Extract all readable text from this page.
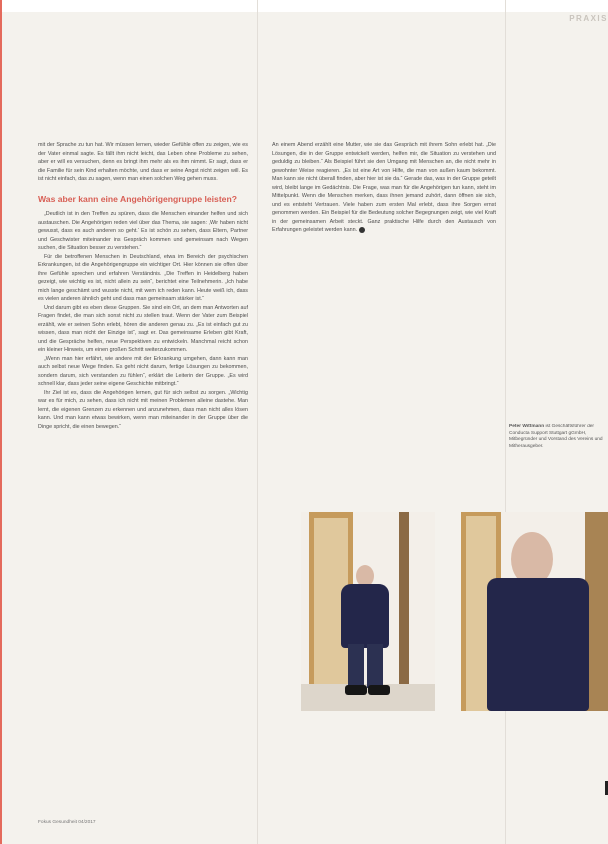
PRAXIS

mit der Sprache zu tun hat. Wir müssen lernen, wieder Gefühle offen zu zeigen, wie es der Vater einmal sagte. Es fällt ihm nicht leicht, das Leben ohne Probleme zu sehen, aber er will es versuchen, denn es bringt ihm mehr als es ihm nimmt. Er sagt, dass er die Familie für sein Kind erhalten möchte, und dass er seine Angst nicht zeigen will. Es ist nicht einfach, das zu sagen, wenn man einen solchen Weg gehen muss.

Was aber kann eine Angehörigengruppe leisten?

„Deutlich ist in den Treffen zu spüren, dass die Menschen einander helfen und sich austauschen. Die Angehörigen reden viel über das Thema, sie sagen: ‚Wir haben nicht gewusst, dass es auch anderen so geht.‘ Es ist schön zu sehen, dass Eltern, Partner und Geschwister miteinander ins Gespräch kommen und gemeinsam nach Wegen suchen, die Situation besser zu verstehen.“

Für die betroffenen Menschen in Deutschland, etwa im Bereich der psychischen Erkrankungen, ist die Angehörigengruppe ein wichtiger Ort. Hier können sie offen über ihre Gefühle sprechen und erfahren Verständnis. „Die Treffen in Heidelberg haben gezeigt, wie wichtig es ist, nicht allein zu sein“, berichtet eine Teilnehmerin. „Ich habe mich lange geschämt und wusste nicht, mit wem ich reden kann. Heute weiß ich, dass es vielen anderen ähnlich geht und dass man gemeinsam stärker ist.“

Und darum gibt es eben diese Gruppen. Sie sind ein Ort, an dem man Antworten auf Fragen findet, die man sich sonst nicht zu stellen traut. Wenn der Vater zum Beispiel erzählt, wie er seinen Sohn erlebt, hören die anderen genau zu. „Es ist einfach gut zu wissen, dass man nicht der Einzige ist“, sagt er. Das gemeinsame Erleben gibt Kraft, und die Gespräche helfen, neue Perspektiven zu entwickeln. Manchmal reicht schon ein kleiner Hinweis, um einen großen Schritt weiterzukommen.

„Wenn man hier erfährt, wie andere mit der Erkrankung umgehen, dann kann man auch selbst neue Wege finden. Es geht nicht darum, fertige Lösungen zu bekommen, sondern darum, sich verstanden zu fühlen“, erklärt die Leiterin der Gruppe. „Es wird schnell klar, dass jeder seine eigene Geschichte mitbringt.“

Ihr Ziel ist es, dass die Angehörigen lernen, gut für sich selbst zu sorgen. „Wichtig war es für mich, zu sehen, dass ich nicht mit meinen Problemen alleine dastehe. Man lernt, die eigenen Grenzen zu erkennen und anzunehmen, dass man nicht alles lösen kann. Und man kann etwas bewirken, wenn man miteinander in der Gruppe über die Dinge spricht, die einen bewegen.“

An einem Abend erzählt eine Mutter, wie sie das Gespräch mit ihrem Sohn erlebt hat. „Die Lösungen, die in der Gruppe entwickelt werden, helfen mir, die Situation zu verstehen und geduldig zu bleiben.“ Als Beispiel führt sie den Umgang mit Menschen an, die nicht mehr in gewohnter Weise reagieren. „Es ist eine Art von Hilfe, die man von außen kaum bekommt. Man kann sie nicht überall finden, aber hier ist sie da.“ Gerade das, was in der Gruppe geteilt wird, bleibt lange im Gedächtnis. Die Frage, was man für die Angehörigen tun kann, steht im Mittelpunkt. Wenn die Menschen merken, dass ihnen jemand zuhört, dann öffnen sie sich, und es entsteht Vertrauen. Viele haben zum ersten Mal erlebt, dass ihre Sorgen ernst genommen werden. Ein Beispiel für die Bedeutung solcher Begegnungen zeigt, wie viel Kraft in der gemeinsamen Arbeit steckt. Ganz praktische Hilfe durch den Austausch von Erfahrungen geleistet werden kann.

Peter Wittmann ist Geschäftsführer der Conducta Support Stuttgart gGmbH, Mitbegründer und Vorstand des Vereins und Mitherausgeber.
Fokus Gesundheit 04/2017
